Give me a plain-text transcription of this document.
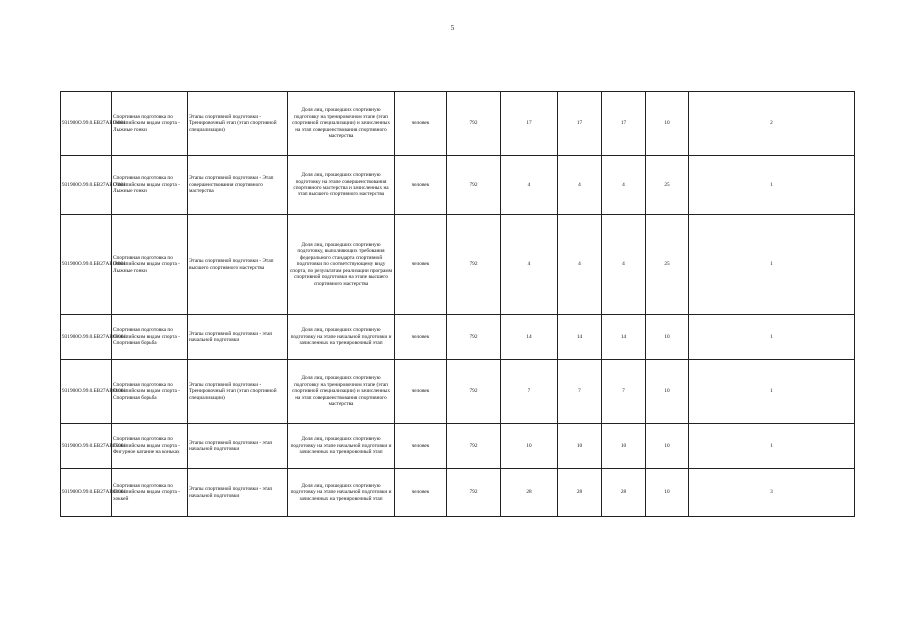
5
931900О.99.0.БВ27АБ16001	Спортивная подготовка по Олимпийским видам спорта - Лыжные гонки	Этапы спортивной подготовки - Тренировочный этап (этап спортивной специализации)	Доля лиц, прошедших спортивную подготовку на тренировочном этапе (этап спортивной специализации) и зачисленных на этап совершенствования спортивного мастерства	человек	792	17	17	17	10	2
931900О.99.0.БВ27АБ17001	Спортивная подготовка по Олимпийским видам спорта - Лыжные гонки	Этапы спортивной подготовки - Этап совершенствования спортивного мастерства	Доля лиц, прошедших спортивную подготовку на этапе совершенствования спортивного мастерства и зачисленных на этап высшего спортивного мастерства	человек	792	4	4	4	25	1
931900О.99.0.БВ27АБ18001	Спортивная подготовка по Олимпийским видам спорта - Лыжные гонки	Этапы спортивной подготовки - Этап высшего спортивного мастерства	Доля лиц, прошедших спортивную подготовку, выполняющих требования федерального стандарта спортивной подготовки по соответствующему виду спорта, по результатам реализации программ спортивной подготовки на этапе высшего спортивного мастерства	человек	792	4	4	4	25	1
931900О.99.0.БВ27АВ69001	Спортивная подготовка по Олимпийским видам спорта - Спортивная борьба	Этапы спортивной подготовки - этап начальной подготовки	Доля лиц, прошедших спортивную подготовку на этапе начальной подготовки и зачисленных на тренировочный этап	человек	792	14	14	14	10	1
931900О.99.0.БВ27АВ81001	Спортивная подготовка по Олимпийским видам спорта - Спортивная борьба	Этапы спортивной подготовки - Тренировочный этап (этап спортивной специализации)	Доля лиц, прошедших спортивную подготовку на тренировочном этапе (этап спортивной специализации) и зачисленных на этап совершенствования спортивного мастерства	человек	792	7	7	7	10	1
931900О.99.0.БВ27АВ25001	Спортивная подготовка по Олимпийским видам спорта - Фигурное катание на коньках	Этапы спортивной подготовки - этап начальной подготовки	Доля лиц, прошедших спортивную подготовку на этапе начальной подготовки и зачисленных на тренировочный этап	человек	792	10	10	10	10	1
931900О.99.0.БВ27АВ40001	Спортивная подготовка по Олимпийским видам спорта - хоккей	Этапы спортивной подготовки - этап начальной подготовки	Доля лиц, прошедших спортивную подготовку на этапе начальной подготовки и зачисленных на тренировочный этап	человек	792	28	28	28	10	3
